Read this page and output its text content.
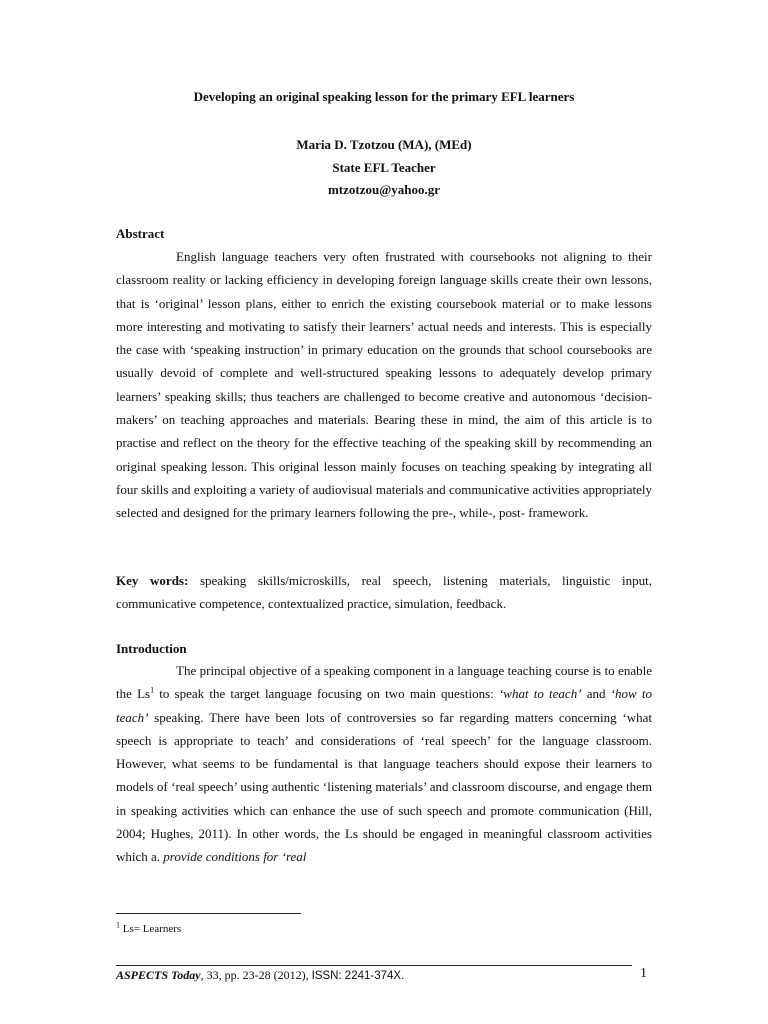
Developing an original speaking lesson for the primary EFL learners
Maria D. Tzotzou (MA), (MEd)
State EFL Teacher
mtzotzou@yahoo.gr
Abstract

English language teachers very often frustrated with coursebooks not aligning to their classroom reality or lacking efficiency in developing foreign language skills create their own lessons, that is ‘original’ lesson plans, either to enrich the existing coursebook material or to make lessons more interesting and motivating to satisfy their learners’ actual needs and interests. This is especially the case with ‘speaking instruction’ in primary education on the grounds that school coursebooks are usually devoid of complete and well-structured speaking lessons to adequately develop primary learners’ speaking skills; thus teachers are challenged to become creative and autonomous ‘decision-makers’ on teaching approaches and materials. Bearing these in mind, the aim of this article is to practise and reflect on the theory for the effective teaching of the speaking skill by recommending an original speaking lesson. This original lesson mainly focuses on teaching speaking by integrating all four skills and exploiting a variety of audiovisual materials and communicative activities appropriately selected and designed for the primary learners following the pre-, while-, post- framework.

Key words: speaking skills/microskills, real speech, listening materials, linguistic input, communicative competence, contextualized practice, simulation, feedback.

Introduction

The principal objective of a speaking component in a language teaching course is to enable the Ls$^1$ to speak the target language focusing on two main questions: ‘what to teach’ and ‘how to teach’ speaking. There have been lots of controversies so far regarding matters concerning ‘what speech is appropriate to teach’ and considerations of ‘real speech’ for the language classroom. However, what seems to be fundamental is that language teachers should expose their learners to models of ‘real speech’ using authentic ‘listening materials’ and classroom discourse, and engage them in speaking activities which can enhance the use of such speech and promote communication (Hill, 2004; Hughes, 2011). In other words, the Ls should be engaged in meaningful classroom activities which a. provide conditions for ‘real

$^1$ Ls= Learners
ASPECTS Today, 33, pp. 23-28 (2012), ISSN: 2241-374X.	1
